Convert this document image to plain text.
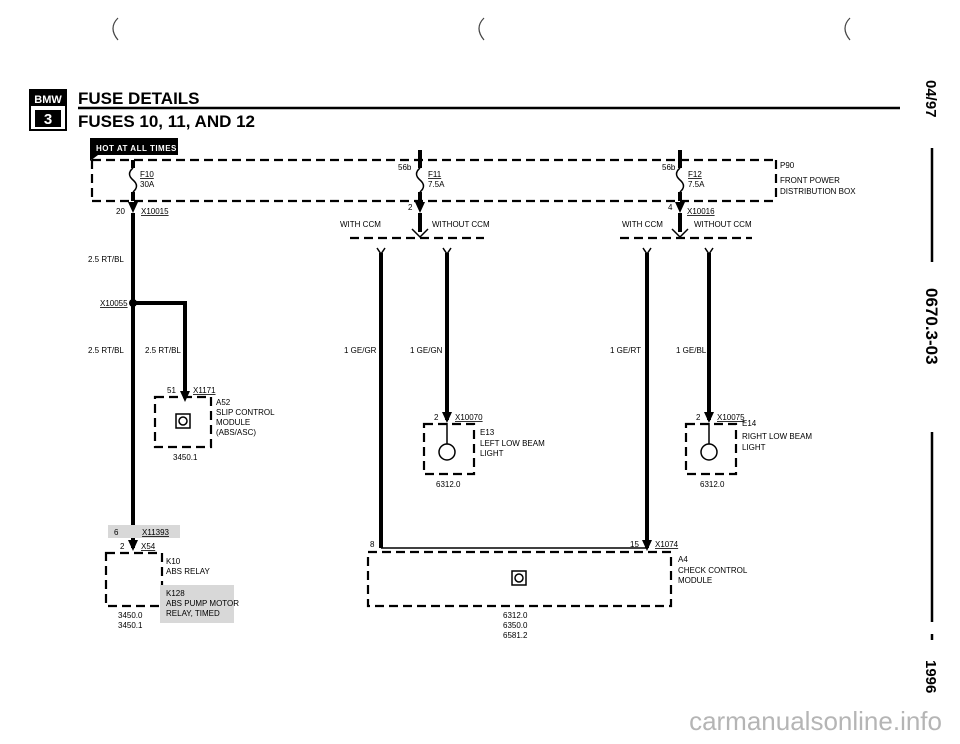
BMW
3
FUSE DETAILS
FUSES 10, 11, AND 12
04/97
0670.3-03
1996
HOT AT ALL TIMES
P90
FRONT POWER
DISTRIBUTION BOX
F10
30A
56b
F11
7.5A
56b
F12
7.5A
20 X10015	2	4 X10016
2.5 RT/BL
X10055
2.5 RT/BL	2.5 RT/BL
51 X1171
A52
SLIP CONTROL
MODULE
(ABS/ASC)
3450.1
6	X11393
2 X54
K10
ABS RELAY
3450.0
3450.1
K128
ABS PUMP MOTOR
RELAY, TIMED
WITH CCM	WITHOUT CCM
1 GE/GR	1 GE/GN
2 X10070
E13
LEFT LOW BEAM
LIGHT
6312.0
WITH CCM	WITHOUT CCM
1 GE/RT	1 GE/BL
2 X10075
E14
RIGHT LOW BEAM
LIGHT
6312.0
8	15 X1074
A4
CHECK CONTROL
MODULE
6312.0
6350.0
6581.2
carmanualsonline.info
